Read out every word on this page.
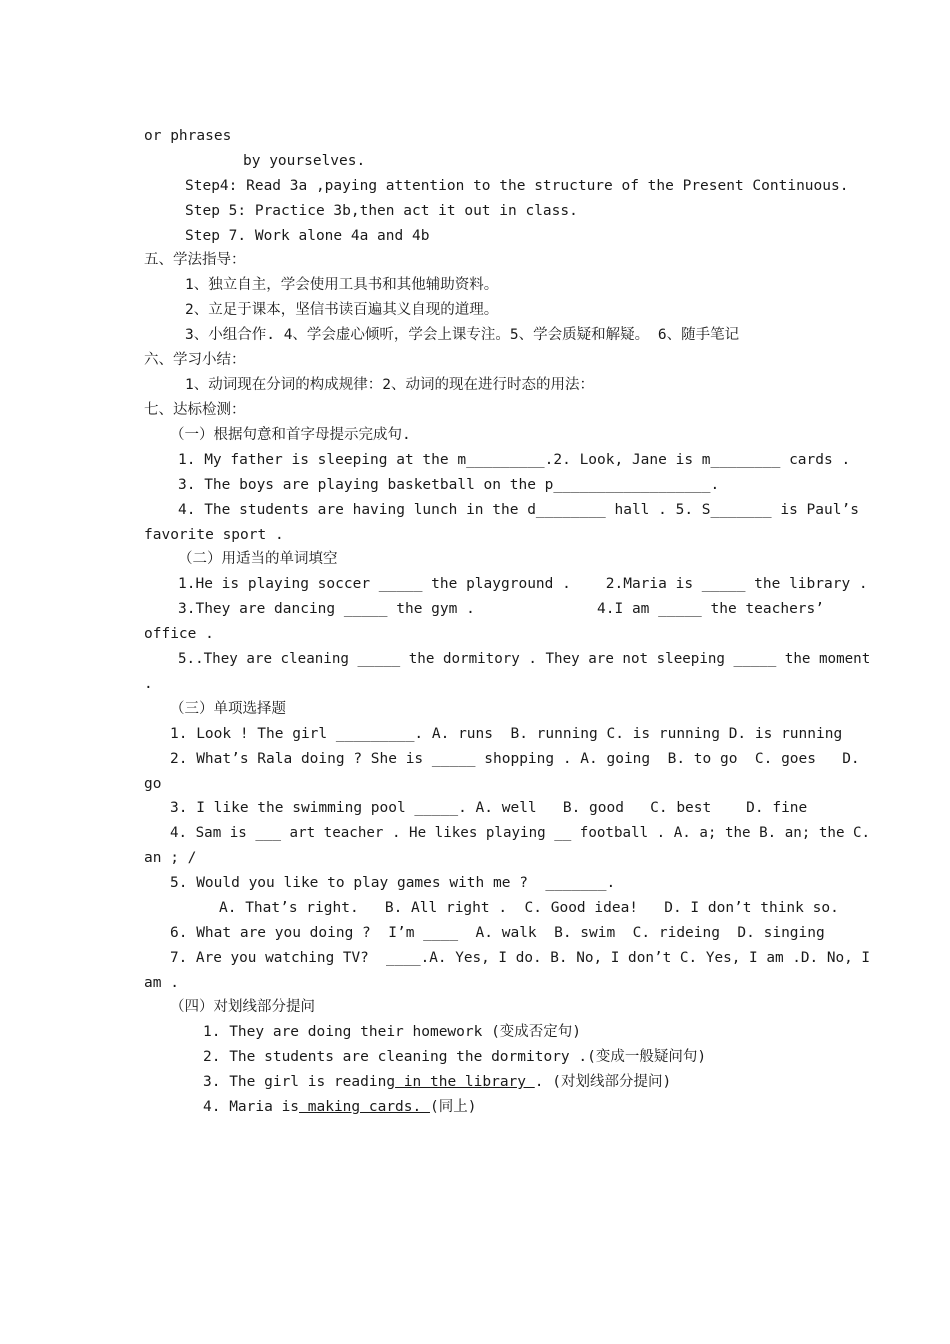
or phrases
by yourselves.
Step4: Read 3a ,paying attention to the structure of the Present Continuous.
Step 5: Practice 3b,then act it out in class.
Step 7. Work alone 4a and 4b
五、学法指导：
1、独立自主，学会使用工具书和其他辅助资料。
2、立足于课本，坚信书读百遍其义自现的道理。
3、小组合作. 4、学会虚心倾听，学会上课专注。5、学会质疑和解疑。 6、随手笔记
六、学习小结：
1、动词现在分词的构成规律：2、动词的现在进行时态的用法：
七、达标检测：
（一）根据句意和首字母提示完成句.
1. My father is sleeping at the m_________.2. Look, Jane is m________ cards .
3. The boys are playing basketball on the p__________________.
4. The students are having lunch in the d________ hall . 5. S_______ is Paul’s
favorite sport .
（二）用适当的单词填空
1.He is playing soccer _____ the playground .    2.Maria is _____ the library .
3.They are dancing _____ the gym .              4.I am _____ the teachers’
office .
5..They are cleaning _____ the dormitory . They are not sleeping _____ the moment
.
（三）单项选择题
1. Look ! The girl _________. A. runs  B. running C. is running D. is running
2. What’s Rala doing ? She is _____ shopping . A. going  B. to go  C. goes   D.
go
3. I like the swimming pool _____. A. well   B. good   C. best    D. fine
4. Sam is ___ art teacher . He likes playing __ football . A. a; the B. an; the C.
an ; /
5. Would you like to play games with me ?  _______.
A. That’s right.   B. All right .  C. Good idea!   D. I don’t think so.
6. What are you doing ?  I’m ____  A. walk  B. swim  C. rideing  D. singing
7. Are you watching TV?  ____.A. Yes, I do. B. No, I don’t C. Yes, I am .D. No, I
am .
（四）对划线部分提问
1. They are doing their homework (变成否定句)
2. The students are cleaning the dormitory .(变成一般疑问句)
3. The girl is reading in the library . (对划线部分提问)
4. Maria is making cards. (同上)
